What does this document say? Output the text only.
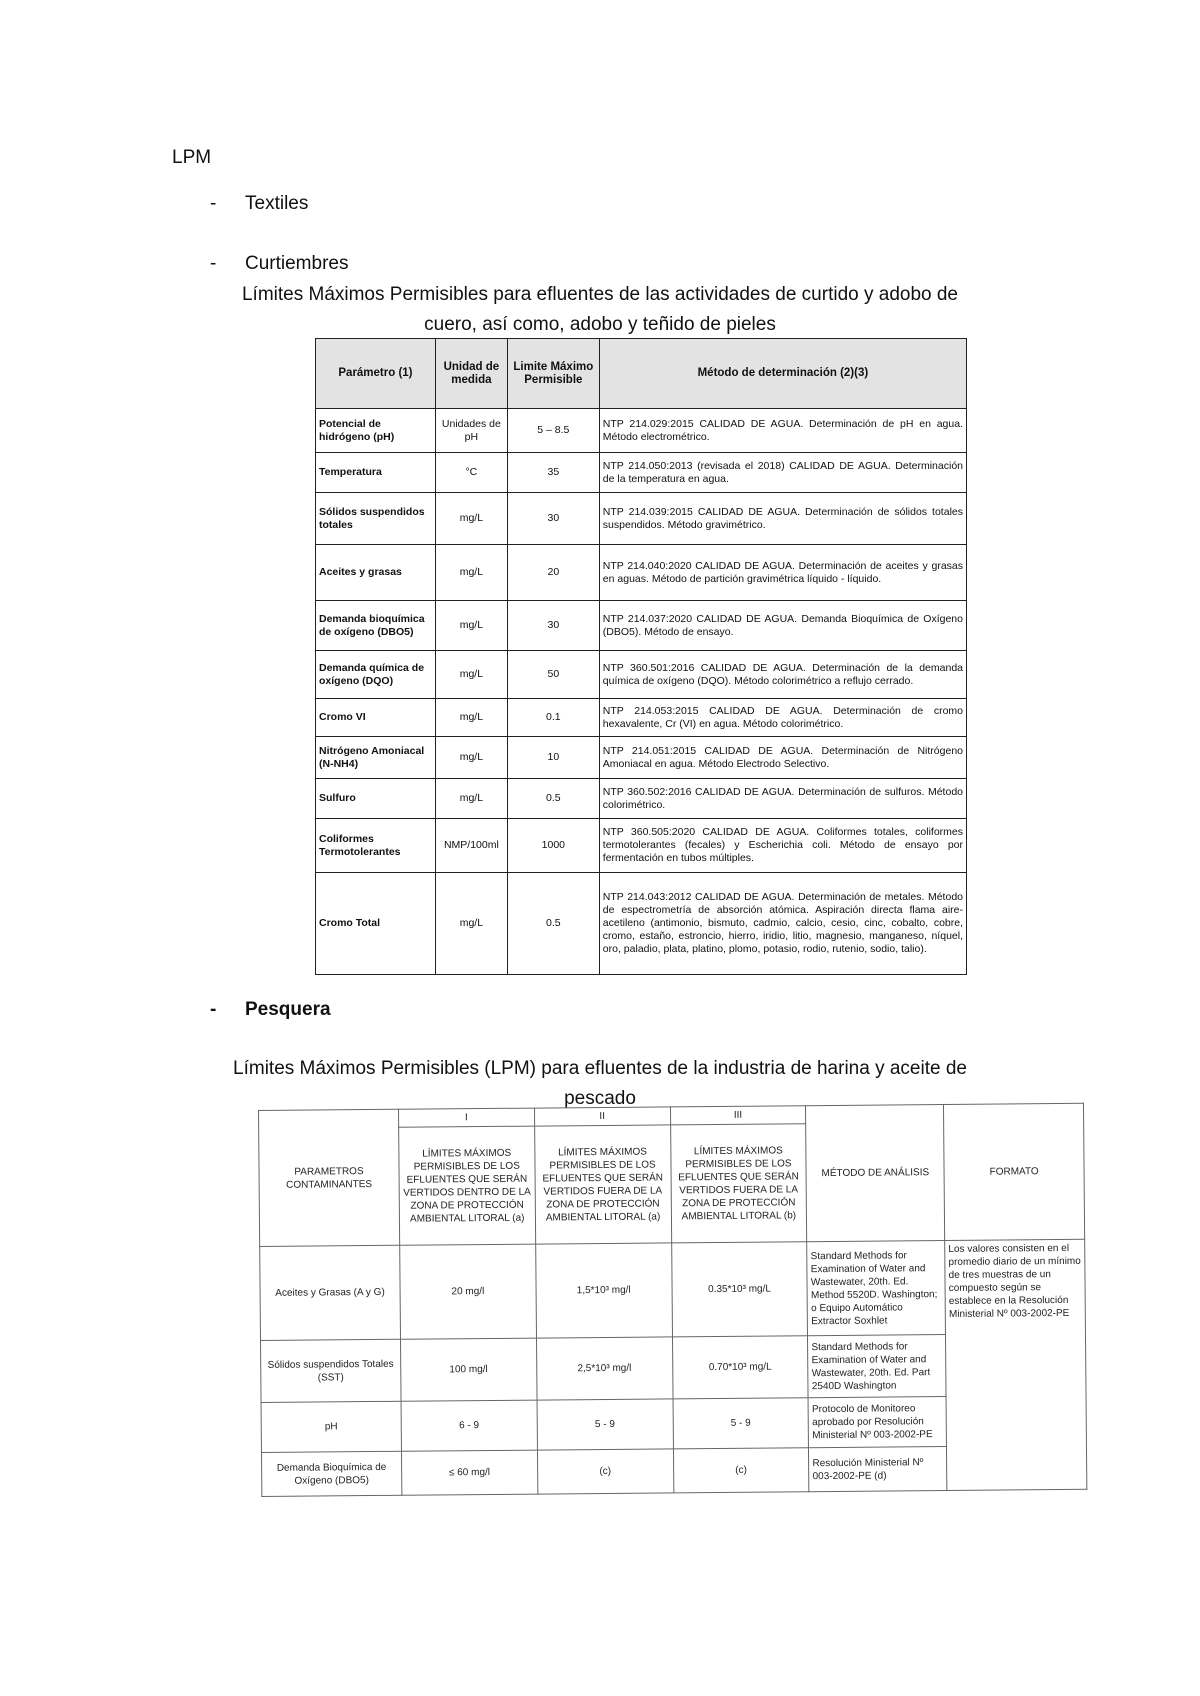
LPM
- Textiles
- Curtiembres
Límites Máximos Permisibles para efluentes de las actividades de curtido y adobo de
cuero, así como, adobo y teñido de pieles
Parámetro (1)	Unidad de medida	Limite Máximo Permisible	Método de determinación (2)(3)
Potencial de hidrógeno (pH)	Unidades de pH	5 – 8.5	NTP 214.029:2015 CALIDAD DE AGUA. Determinación de pH en agua. Método electrométrico.
Temperatura	°C	35	NTP 214.050:2013 (revisada el 2018) CALIDAD DE AGUA. Determinación de la temperatura en agua.
Sólidos suspendidos totales	mg/L	30	NTP 214.039:2015 CALIDAD DE AGUA. Determinación de sólidos totales suspendidos. Método gravimétrico.
Aceites y grasas	mg/L	20	NTP 214.040:2020 CALIDAD DE AGUA. Determinación de aceites y grasas en aguas. Método de partición gravimétrica líquido - líquido.
Demanda bioquímica de oxígeno (DBO5)	mg/L	30	NTP 214.037:2020 CALIDAD DE AGUA. Demanda Bioquímica de Oxígeno (DBO5). Método de ensayo.
Demanda química de oxígeno (DQO)	mg/L	50	NTP 360.501:2016 CALIDAD DE AGUA. Determinación de la demanda química de oxígeno (DQO). Método colorimétrico a reflujo cerrado.
Cromo VI	mg/L	0.1	NTP 214.053:2015 CALIDAD DE AGUA. Determinación de cromo hexavalente, Cr (VI) en agua. Método colorimétrico.
Nitrógeno Amoniacal (N-NH4)	mg/L	10	NTP 214.051:2015 CALIDAD DE AGUA. Determinación de Nitrógeno Amoniacal en agua. Método Electrodo Selectivo.
Sulfuro	mg/L	0.5	NTP 360.502:2016 CALIDAD DE AGUA. Determinación de sulfuros. Método colorimétrico.
Coliformes Termotolerantes	NMP/100ml	1000	NTP 360.505:2020 CALIDAD DE AGUA. Coliformes totales, coliformes termotolerantes (fecales) y Escherichia coli. Método de ensayo por fermentación en tubos múltiples.
Cromo Total	mg/L	0.5	NTP 214.043:2012 CALIDAD DE AGUA. Determinación de metales. Método de espectrometría de absorción atómica. Aspiración directa flama aire-acetileno (antimonio, bismuto, cadmio, calcio, cesio, cinc, cobalto, cobre, cromo, estaño, estroncio, hierro, iridio, litio, magnesio, manganeso, níquel, oro, paladio, plata, platino, plomo, potasio, rodio, rutenio, sodio, talio).
- Pesquera
Límites Máximos Permisibles (LPM) para efluentes de la industria de harina y aceite de
pescado
PARAMETROS CONTAMINANTES	I	II	III	MÉTODO DE ANÁLISIS	FORMATO
	LÍMITES MÁXIMOS PERMISIBLES DE LOS EFLUENTES QUE SERÁN VERTIDOS DENTRO DE LA ZONA DE PROTECCIÓN AMBIENTAL LITORAL (a)	LÍMITES MÁXIMOS PERMISIBLES DE LOS EFLUENTES QUE SERÁN VERTIDOS FUERA DE LA ZONA DE PROTECCIÓN AMBIENTAL LITORAL (a)	LÍMITES MÁXIMOS PERMISIBLES DE LOS EFLUENTES QUE SERÁN VERTIDOS FUERA DE LA ZONA DE PROTECCIÓN AMBIENTAL LITORAL (b)		
Aceites y Grasas (A y G)	20 mg/l	1,5*10³ mg/l	0.35*10³ mg/L	Standard Methods for Examination of Water and Wastewater, 20th. Ed. Method 5520D. Washington; o Equipo Automático Extractor Soxhlet	Los valores consisten en el promedio diario de un mínimo de tres muestras de un compuesto según se establece en la Resolución Ministerial Nº 003-2002-PE
Sólidos suspendidos Totales (SST)	100 mg/l	2,5*10³ mg/l	0.70*10³ mg/L	Standard Methods for Examination of Water and Wastewater, 20th. Ed. Part 2540D Washington	
pH	6 - 9	5 - 9	5 - 9	Protocolo de Monitoreo aprobado por Resolución Ministerial Nº 003-2002-PE	
Demanda Bioquímica de Oxígeno (DBO5)	≤ 60 mg/l	(c)	(c)	Resolución Ministerial Nº 003-2002-PE (d)	
